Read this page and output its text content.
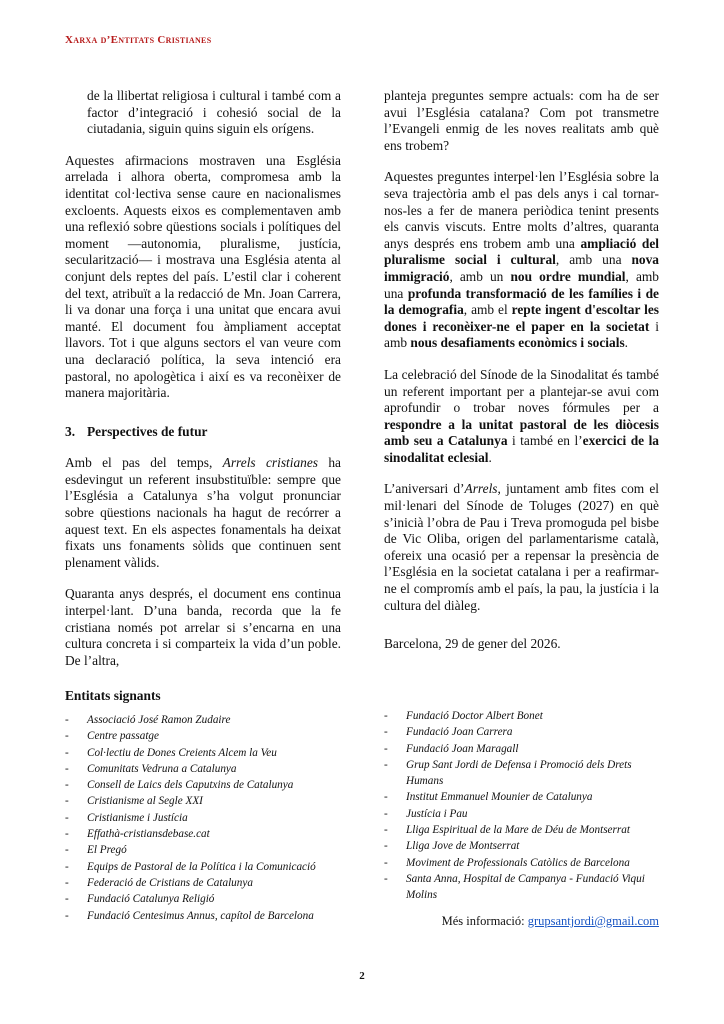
Xarxa d’Entitats Cristianes

de la llibertat religiosa i cultural i també com a factor d’integració i cohesió social de la ciutadania, siguin quins siguin els orígens.

Aquestes afirmacions mostraven una Església arrelada i alhora oberta, compromesa amb la identitat col·lectiva sense caure en nacionalismes excloents. Aquests eixos es complementaven amb una reflexió sobre qüestions socials i polítiques del moment —autonomia, pluralisme, justícia, secularització— i mostrava una Església atenta al conjunt dels reptes del país. L’estil clar i coherent del text, atribuït a la redacció de Mn. Joan Carrera, li va donar una força i una unitat que encara avui manté. El document fou àmpliament acceptat llavors. Tot i que alguns sectors el van veure com una declaració política, la seva intenció era pastoral, no apologètica i així es va reconèixer de manera majoritària.

3. Perspectives de futur

Amb el pas del temps, Arrels cristianes ha esdevingut un referent insubstituïble: sempre que l’Església a Catalunya s’ha volgut pronunciar sobre qüestions nacionals ha hagut de recórrer a aquest text. En els aspectes fonamentals ha deixat fixats uns fonaments sòlids que continuen sent plenament vàlids.

Quaranta anys després, el document ens continua interpel·lant. D’una banda, recorda que la fe cristiana només pot arrelar si s’encarna en una cultura concreta i si comparteix la vida d’un poble. De l’altra,

planteja preguntes sempre actuals: com ha de ser avui l’Església catalana? Com pot transmetre l’Evangeli enmig de les noves realitats amb què ens trobem?

Aquestes preguntes interpel·len l’Església sobre la seva trajectòria amb el pas dels anys i cal tornar-nos-les a fer de manera periòdica tenint presents els canvis viscuts. Entre molts d’altres, quaranta anys després ens trobem amb una ampliació del pluralisme social i cultural, amb una nova immigració, amb un nou ordre mundial, amb una profunda transformació de les famílies i de la demografia, amb el repte ingent d'escoltar les dones i reconèixer-ne el paper en la societat i amb nous desafiaments econòmics i socials.

La celebració del Sínode de la Sinodalitat és també un referent important per a plantejar-se avui com aprofundir o trobar noves fórmules per a respondre a la unitat pastoral de les diòcesis amb seu a Catalunya i també en l’exercici de la sinodalitat eclesial.

L’aniversari d’Arrels, juntament amb fites com el mil·lenari del Sínode de Toluges (2027) en què s’inicià l’obra de Pau i Treva promoguda pel bisbe de Vic Oliba, origen del parlamentarisme català, ofereix una ocasió per a repensar la presència de l’Església en la societat catalana i per a reafirmar-ne el compromís amb el país, la pau, la justícia i la cultura del diàleg.

Barcelona, 29 de gener del 2026.

Entitats signants
- Associació José Ramon Zudaire
- Centre passatge
- Col·lectiu de Dones Creients Alcem la Veu
- Comunitats Vedruna a Catalunya
- Consell de Laics dels Caputxins de Catalunya
- Cristianisme al Segle XXI
- Cristianisme i Justícia
- Effathà-cristiansdebase.cat
- El Pregó
- Equips de Pastoral de la Política i la Comunicació
- Federació de Cristians de Catalunya
- Fundació Catalunya Religió
- Fundació Centesimus Annus, capítol de Barcelona
- Fundació Doctor Albert Bonet
- Fundació Joan Carrera
- Fundació Joan Maragall
- Grup Sant Jordi de Defensa i Promoció dels Drets Humans
- Institut Emmanuel Mounier de Catalunya
- Justícia i Pau
- Lliga Espiritual de la Mare de Déu de Montserrat
- Lliga Jove de Montserrat
- Moviment de Professionals Catòlics de Barcelona
- Santa Anna, Hospital de Campanya - Fundació Viqui Molins
Més informació: grupsantjordi@gmail.com
2
